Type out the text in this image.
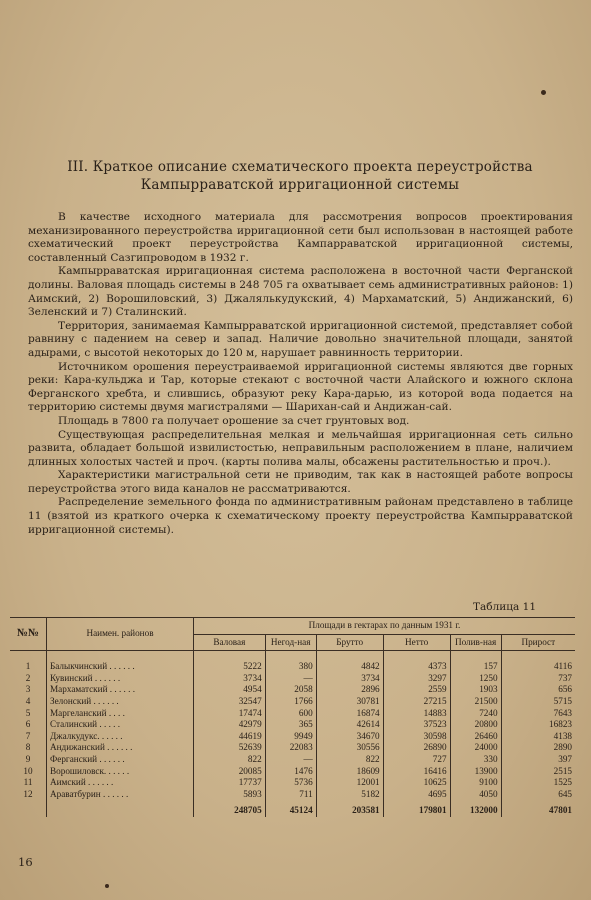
III. Краткое описание схематического проекта переустройства
Кампырраватской ирригационной системы

В качестве исходного материала для рассмотрения вопросов проектирования механизированного переустройства ирригационной сети был использован в настоящей работе схематический проект переустройства Кампарраватской ирригационной системы, составленный Сазгипроводом в 1932 г.

Кампырраватская ирригационная система расположена в восточной части Ферганской долины. Валовая площадь системы в 248 705 га охватывает семь административных районов: 1) Аимский, 2) Ворошиловский, 3) Джалялькудукский, 4) Мархаматский, 5) Андижанский, 6) Зеленский и 7) Сталинский.

Территория, занимаемая Кампырраватской ирригационной системой, представляет собой равнину с падением на север и запад. Наличие довольно значительной площади, занятой адырами, с высотой некоторых до 120 м, нарушает равнинность территории.

Источником орошения переустраиваемой ирригационной системы являются две горных реки: Кара-кульджа и Тар, которые стекают с восточной части Алайского и южного склона Ферганского хребта, и слившись, образуют реку Кара-дарью, из которой вода подается на территорию системы двумя магистралями — Шарихан-сай и Андижан-сай.

Площадь в 7800 га получает орошение за счет грунтовых вод.

Существующая распределительная мелкая и мельчайшая ирригационная сеть сильно развита, обладает большой извилистостью, неправильным расположением в плане, наличием длинных холостых частей и проч. (карты полива малы, обсажены растительностью и проч.).

Характеристики магистральной сети не приводим, так как в настоящей работе вопросы переустройства этого вида каналов не рассматриваются.

Распределение земельного фонда по административным районам представлено в таблице 11 (взятой из краткого очерка к схематическому проекту переустройства Кампырраватской ирригационной системы).

Таблица 11
№№	Наимен. районов	Площади в гектарах по данным 1931 г.					
		Валовая	Негод-ная	Брутто	Нетто	Полив-ная	Прирост

1	Балыкчинский . . . . . .	5222	380	4842	4373	157	4116
2	Кувинский . . . . . .	3734	—	3734	3297	1250	737
3	Мархаматский . . . . . .	4954	2058	2896	2559	1903	656
4	Зелонский . . . . . .	32547	1766	30781	27215	21500	5715
5	Маргеланский . . . .	17474	600	16874	14883	7240	7643
6	Сталинский . . . . .	42979	365	42614	37523	20800	16823
7	Джалкудукс. . . . . .	44619	9949	34670	30598	26460	4138
8	Андижанский . . . . . .	52639	22083	30556	26890	24000	2890
9	Ферганский . . . . . .	822	—	822	727	330	397
10	Ворошиловск. . . . . .	20085	1476	18609	16416	13900	2515
11	Аимский . . . . . .	17737	5736	12001	10625	9100	1525
12	Араватбурин . . . . . .	5893	711	5182	4695	4050	645
		248705	45124	203581	179801	132000	47801
16
